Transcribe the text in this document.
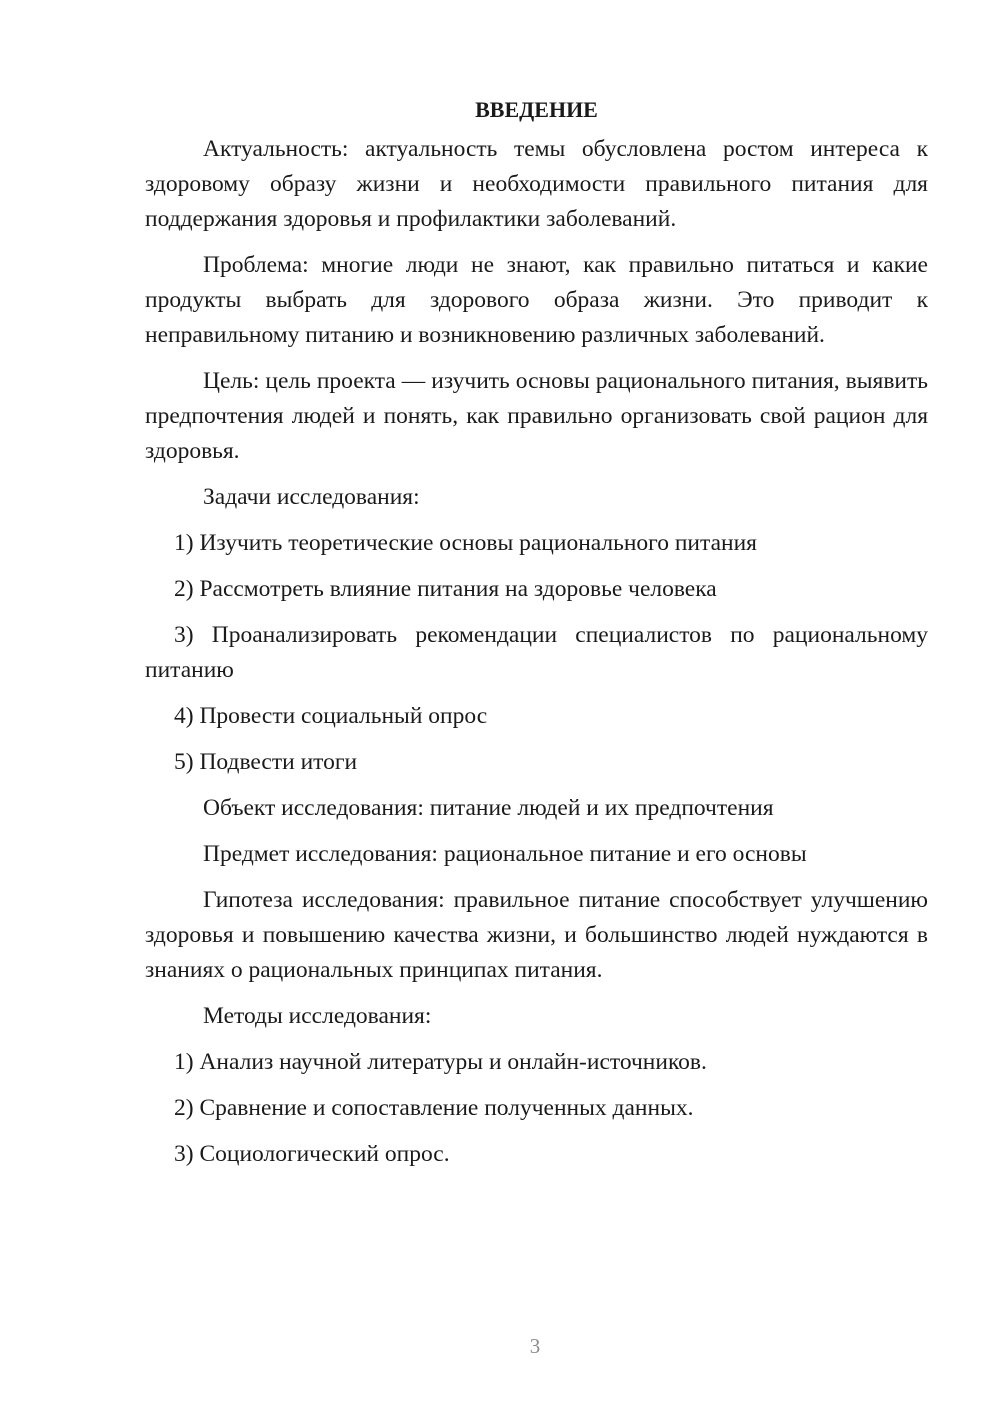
ВВЕДЕНИЕ

Актуальность: актуальность темы обусловлена ростом интереса к здоровому образу жизни и необходимости правильного питания для поддержания здоровья и профилактики заболеваний.

Проблема: многие люди не знают, как правильно питаться и какие продукты выбрать для здорового образа жизни. Это приводит к неправильному питанию и возникновению различных заболеваний.

Цель: цель проекта — изучить основы рационального питания, выявить предпочтения людей и понять, как правильно организовать свой рацион для здоровья.

Задачи исследования:

1) Изучить теоретические основы рационального питания

2) Рассмотреть влияние питания на здоровье человека

3) Проанализировать рекомендации специалистов по рациональному питанию

4) Провести социальный опрос

5) Подвести итоги

Объект исследования: питание людей и их предпочтения

Предмет исследования: рациональное питание и его основы

Гипотеза исследования: правильное питание способствует улучшению здоровья и повышению качества жизни, и большинство людей нуждаются в знаниях о рациональных принципах питания.

Методы исследования:

1) Анализ научной литературы и онлайн-источников.

2) Сравнение и сопоставление полученных данных.

3) Социологический опрос.

3
